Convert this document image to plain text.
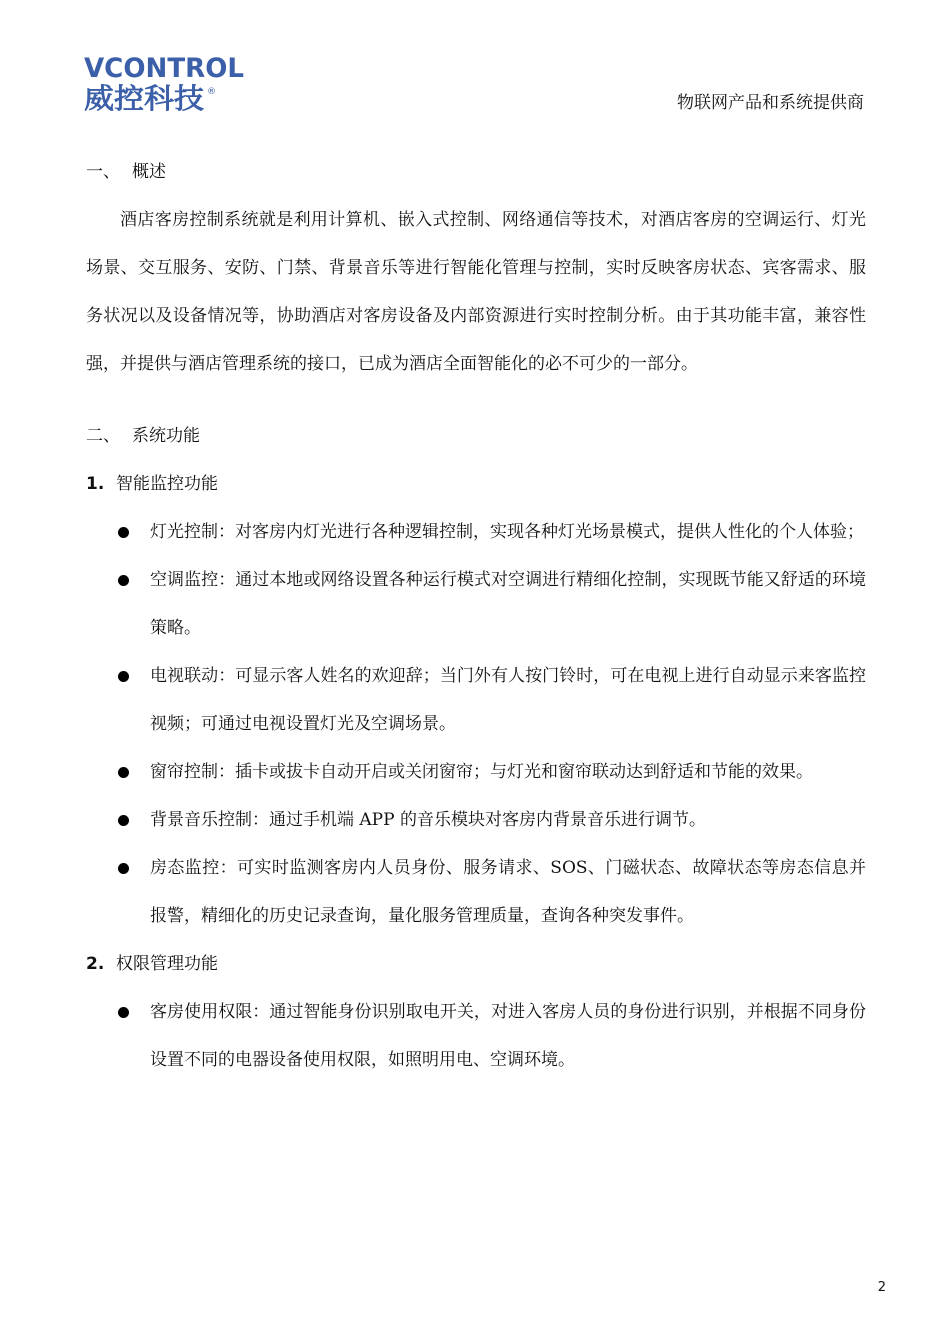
VCONTROL
威控科技 ®
物联网产品和系统提供商

一、 概述

酒店客房控制系统就是利用计算机、嵌入式控制、网络通信等技术，对酒店客房的空调运行、灯光场景、交互服务、安防、门禁、背景音乐等进行智能化管理与控制，实时反映客房状态、宾客需求、服务状况以及设备情况等，协助酒店对客房设备及内部资源进行实时控制分析。由于其功能丰富，兼容性强，并提供与酒店管理系统的接口，已成为酒店全面智能化的必不可少的一部分。

二、 系统功能

1. 智能监控功能

灯光控制：对客房内灯光进行各种逻辑控制，实现各种灯光场景模式，提供人性化的个人体验；
空调监控：通过本地或网络设置各种运行模式对空调进行精细化控制，实现既节能又舒适的环境策略。
电视联动：可显示客人姓名的欢迎辞；当门外有人按门铃时，可在电视上进行自动显示来客监控视频；可通过电视设置灯光及空调场景。
窗帘控制：插卡或拔卡自动开启或关闭窗帘；与灯光和窗帘联动达到舒适和节能的效果。
背景音乐控制：通过手机端 APP 的音乐模块对客房内背景音乐进行调节。
房态监控：可实时监测客房内人员身份、服务请求、SOS、门磁状态、故障状态等房态信息并报警，精细化的历史记录查询，量化服务管理质量，查询各种突发事件。

2. 权限管理功能

客房使用权限：通过智能身份识别取电开关，对进入客房人员的身份进行识别，并根据不同身份设置不同的电器设备使用权限，如照明用电、空调环境。
2
